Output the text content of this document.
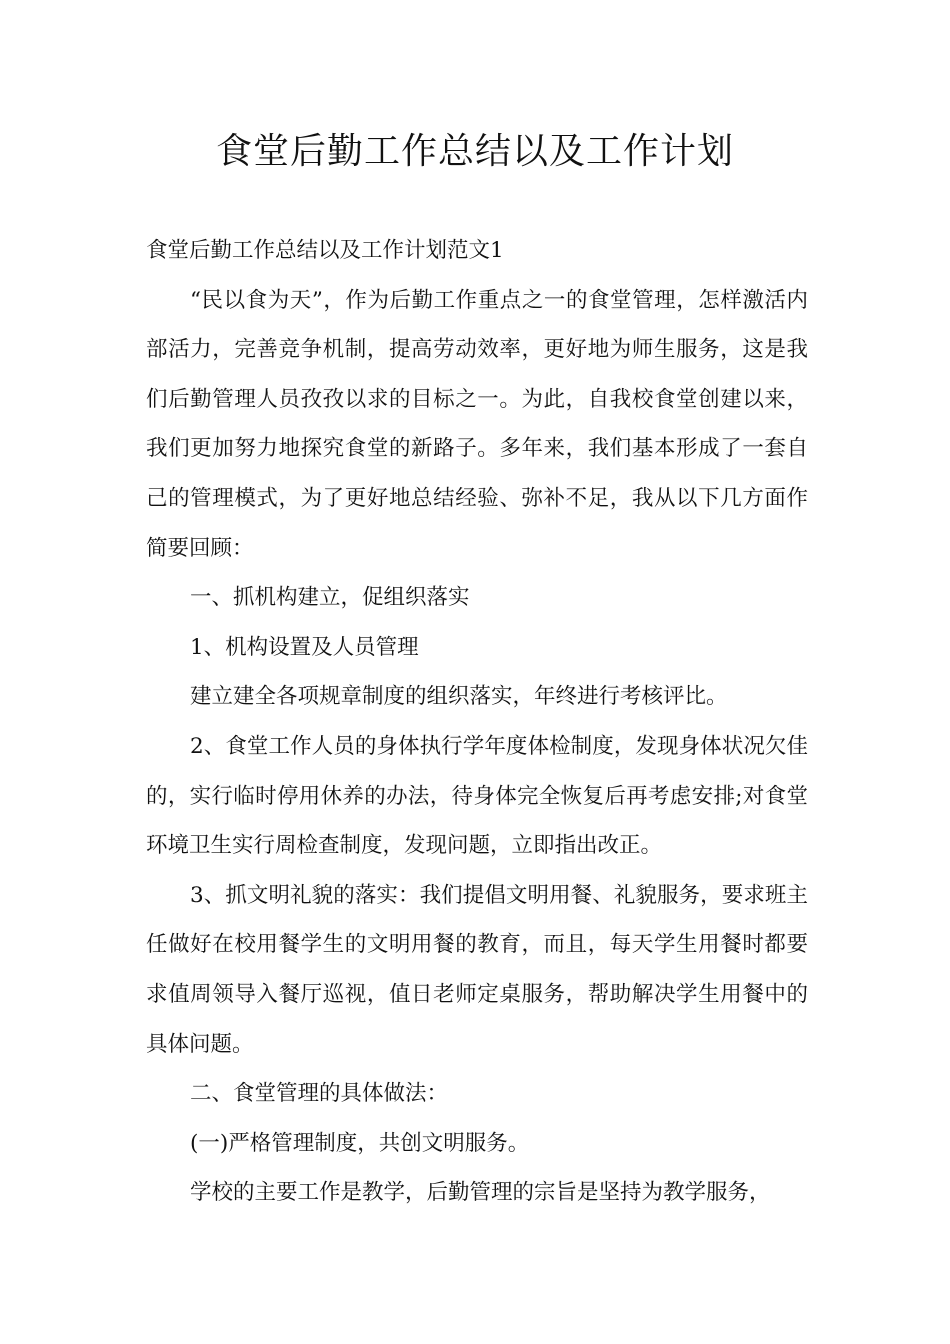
食堂后勤工作总结以及工作计划

食堂后勤工作总结以及工作计划范文1

“民以食为天”，作为后勤工作重点之一的食堂管理，怎样激活内部活力，完善竞争机制，提高劳动效率，更好地为师生服务，这是我们后勤管理人员孜孜以求的目标之一。为此，自我校食堂创建以来，我们更加努力地探究食堂的新路子。多年来，我们基本形成了一套自己的管理模式，为了更好地总结经验、弥补不足，我从以下几方面作简要回顾：

一、抓机构建立，促组织落实

1、机构设置及人员管理

建立建全各项规章制度的组织落实，年终进行考核评比。

2、食堂工作人员的身体执行学年度体检制度，发现身体状况欠佳的，实行临时停用休养的办法，待身体完全恢复后再考虑安排;对食堂环境卫生实行周检查制度，发现问题，立即指出改正。

3、抓文明礼貌的落实：我们提倡文明用餐、礼貌服务，要求班主任做好在校用餐学生的文明用餐的教育，而且，每天学生用餐时都要求值周领导入餐厅巡视，值日老师定桌服务，帮助解决学生用餐中的具体问题。

二、食堂管理的具体做法：

(一)严格管理制度，共创文明服务。

学校的主要工作是教学，后勤管理的宗旨是坚持为教学服务，
